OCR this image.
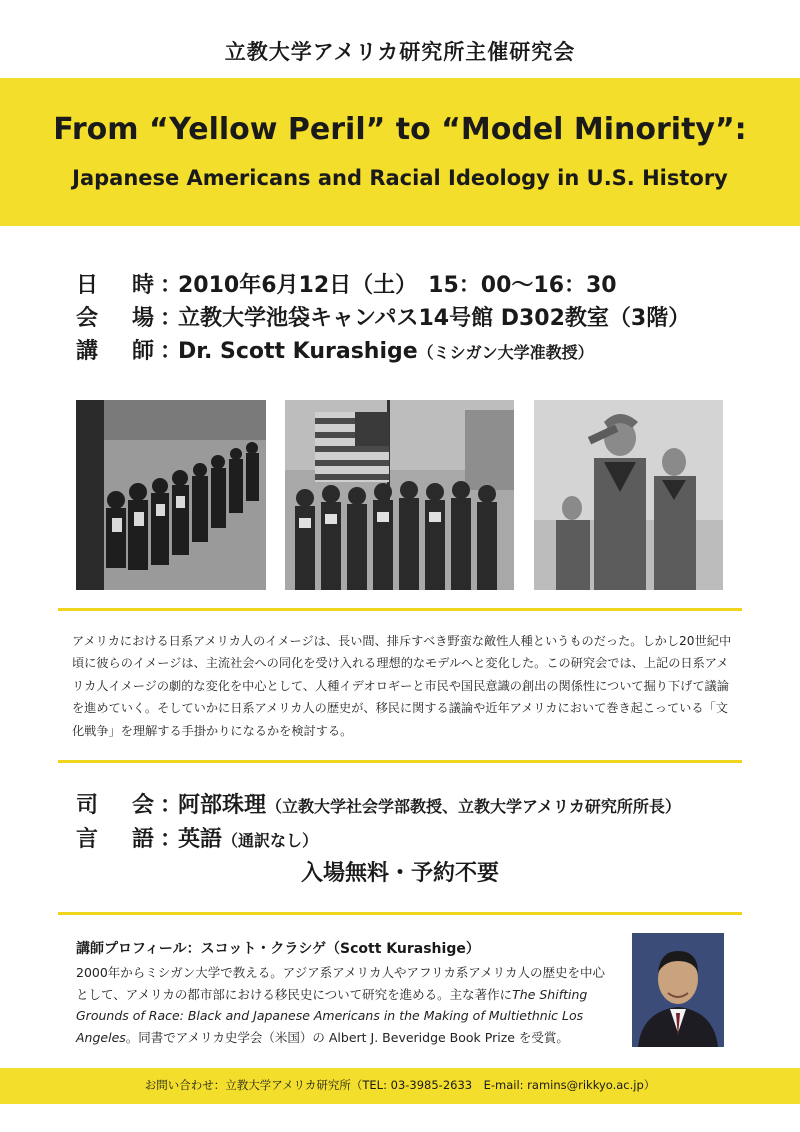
立教大学アメリカ研究所主催研究会
From “Yellow Peril” to “Model Minority”:
Japanese Americans and Racial Ideology in U.S. History
日　時：2010年6月12日（土）　15：00～16：30
会　場：立教大学池袋キャンパス14号館 D302教室（3階）
講　師：Dr. Scott Kurashige（ミシガン大学准教授）
アメリカにおける日系アメリカ人のイメージは、長い間、排斥すべき野蛮な敵性人種というものだった。しかし20世紀中頃に彼らのイメージは、主流社会への同化を受け入れる理想的なモデルへと変化した。この研究会では、上記の日系アメリカ人イメージの劇的な変化を中心として、人種イデオロギーと市民や国民意識の創出の関係性について掘り下げて議論を進めていく。そしていかに日系アメリカ人の歴史が、移民に関する議論や近年アメリカにおいて巻き起こっている「文化戦争」を理解する手掛かりになるかを検討する。
司　会：阿部珠理（立教大学社会学部教授、立教大学アメリカ研究所所長）
言　語：英語（通訳なし）
入場無料・予約不要
講師プロフィール：スコット・クラシゲ（Scott Kurashige）
2000年からミシガン大学で教える。アジア系アメリカ人やアフリカ系アメリカ人の歴史を中心として、アメリカの都市部における移民史について研究を進める。主な著作にThe Shifting Grounds of Race: Black and Japanese Americans in the Making of Multiethnic Los Angeles。同書でアメリカ史学会（米国）の Albert J. Beveridge Book Prize を受賞。
お問い合わせ：立教大学アメリカ研究所（TEL: 03-3985-2633　E-mail: ramins@rikkyo.ac.jp）
